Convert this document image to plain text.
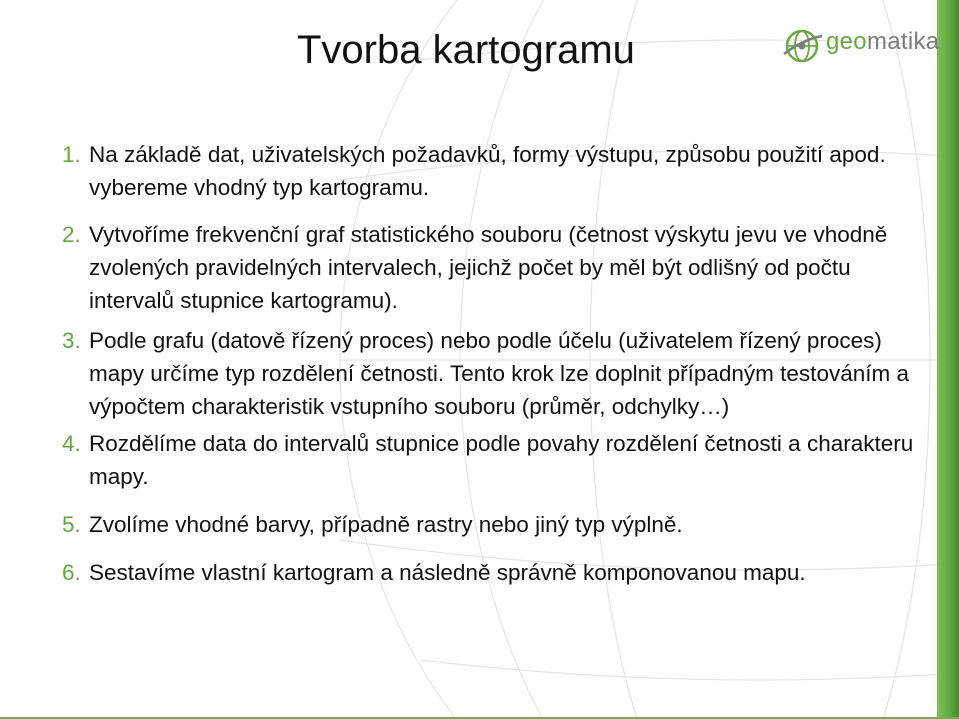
Tvorba kartogramu	geomatika
1. Na základě dat, uživatelských požadavků, formy výstupu, způsobu použití apod. vybereme vhodný typ kartogramu.
2. Vytvoříme frekvenční graf statistického souboru (četnost výskytu jevu ve vhodně zvolených pravidelných intervalech, jejichž počet by měl být odlišný od počtu intervalů stupnice kartogramu).
3. Podle grafu (datově řízený proces) nebo podle účelu (uživatelem řízený proces) mapy určíme typ rozdělení četnosti. Tento krok lze doplnit případným testováním a výpočtem charakteristik vstupního souboru (průměr, odchylky…)
4. Rozdělíme data do intervalů stupnice podle povahy rozdělení četnosti a charakteru mapy.
5. Zvolíme vhodné barvy, případně rastry nebo jiný typ výplně.
6. Sestavíme vlastní kartogram a následně správně komponovanou mapu.
